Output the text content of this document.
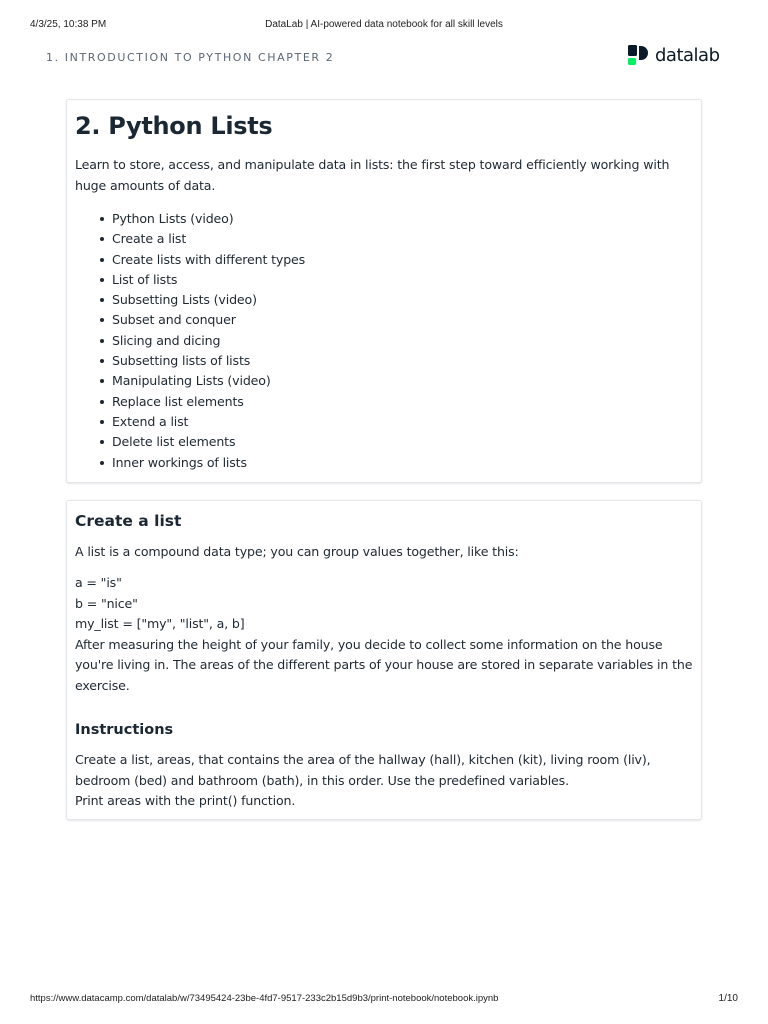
4/3/25, 10:38 PM	DataLab | AI-powered data notebook for all skill levels
1. INTRODUCTION TO PYTHON CHAPTER 2	datalab
2. Python Lists
Learn to store, access, and manipulate data in lists: the first step toward efficiently working with huge amounts of data.
Python Lists (video)
Create a list
Create lists with different types
List of lists
Subsetting Lists (video)
Subset and conquer
Slicing and dicing
Subsetting lists of lists
Manipulating Lists (video)
Replace list elements
Extend a list
Delete list elements
Inner workings of lists
Create a list
A list is a compound data type; you can group values together, like this:
a = "is"
b = "nice"
my_list = ["my", "list", a, b]
After measuring the height of your family, you decide to collect some information on the house you're living in. The areas of the different parts of your house are stored in separate variables in the exercise.
Instructions
Create a list, areas, that contains the area of the hallway (hall), kitchen (kit), living room (liv), bedroom (bed) and bathroom (bath), in this order. Use the predefined variables.
Print areas with the print() function.
https://www.datacamp.com/datalab/w/73495424-23be-4fd7-9517-233c2b15d9b3/print-notebook/notebook.ipynb	1/10
